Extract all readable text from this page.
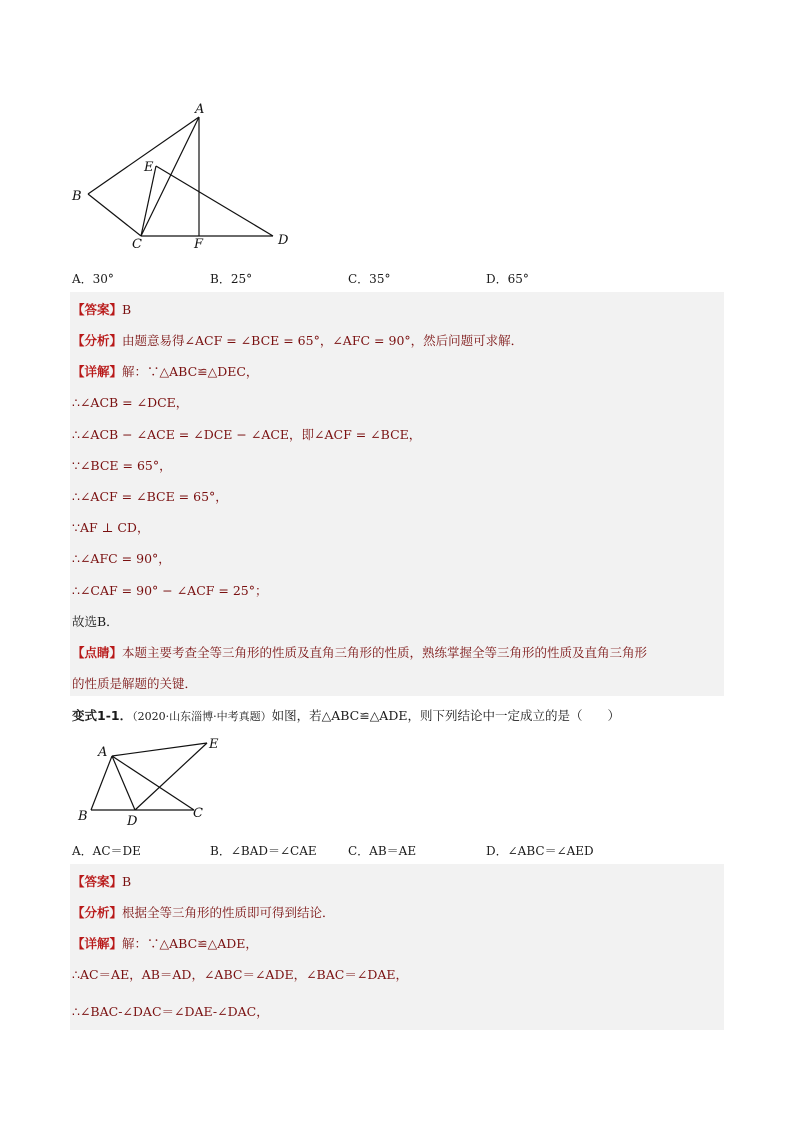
A
B
C	D
E
F
A．30°	B．25°	C．35°	D．65°
【答案】B
【分析】由题意易得∠ACF = ∠BCE = 65°，∠AFC = 90°，然后问题可求解．
【详解】解：∵△ABC≌△DEC，
∴∠ACB = ∠DCE，
∴∠ACB − ∠ACE = ∠DCE − ∠ACE，即∠ACF = ∠BCE，
∵∠BCE = 65°，
∴∠ACF = ∠BCE = 65°，
∵AF ⊥ CD，
∴∠AFC = 90°，
∴∠CAF = 90° − ∠ACF = 25°；
故选B．
【点睛】本题主要考查全等三角形的性质及直角三角形的性质，熟练掌握全等三角形的性质及直角三角形
的性质是解题的关键．
变式1-1．（2020·山东淄博·中考真题）如图，若△ABC≌△ADE，则下列结论中一定成立的是（　　）
A
B	C
D
E
A．AC＝DE	B．∠BAD＝∠CAE	C．AB＝AE	D．∠ABC＝∠AED
【答案】B
【分析】根据全等三角形的性质即可得到结论．
【详解】解：∵△ABC≌△ADE，
∴AC＝AE，AB＝AD，∠ABC＝∠ADE，∠BAC＝∠DAE，
∴∠BAC-∠DAC＝∠DAE-∠DAC，
